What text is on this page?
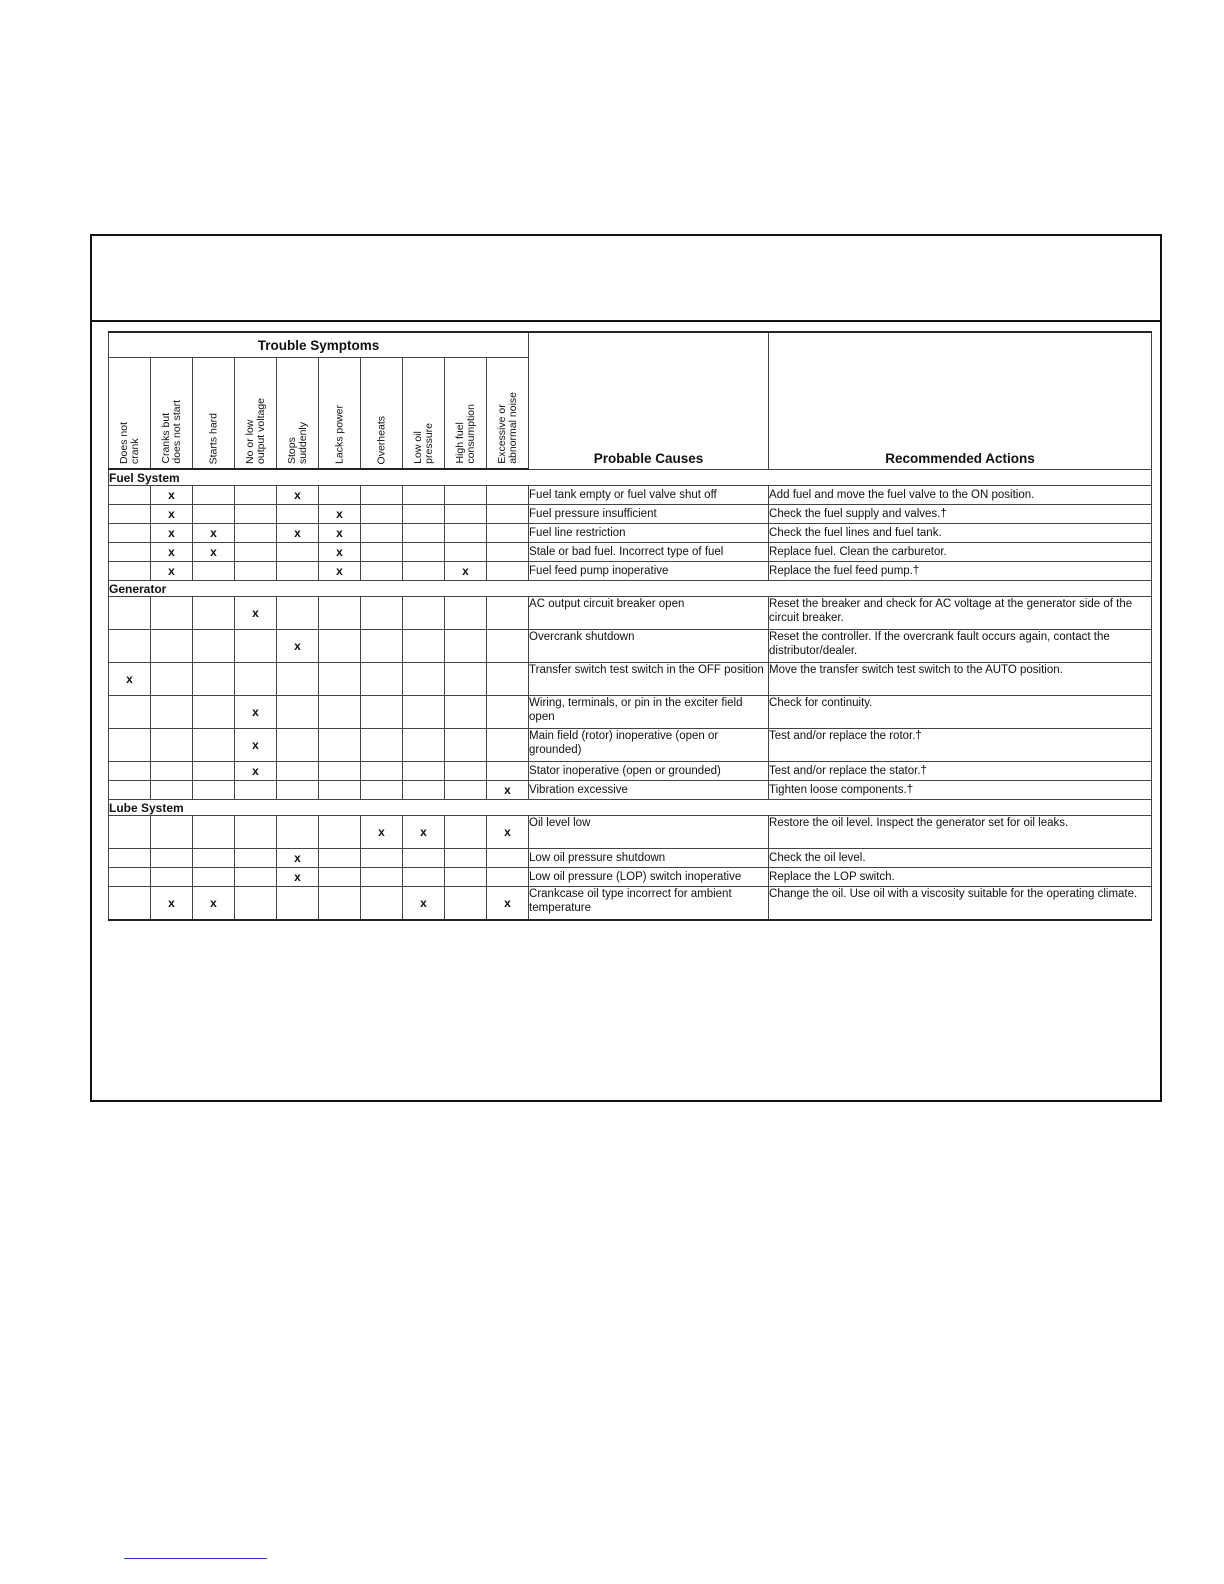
Trouble Symptoms										Probable Causes	Recommended Actions

Does not
crank	Cranks but
does not start	Starts hard	No or low
output voltage	Stops
suddenly	Lacks power	Overheats	Low oil
pressure	High fuel
consumption	Excessive or
abnormal noise		

Fuel System											
	x			x						Fuel tank empty or fuel valve shut off	Add fuel and move the fuel valve to the ON position.
	x				x					Fuel pressure insufficient	Check the fuel supply and valves.†
	x	x		x	x					Fuel line restriction	Check the fuel lines and fuel tank.
	x	x			x					Stale or bad fuel. Incorrect type of fuel	Replace fuel. Clean the carburetor.
	x				x			x		Fuel feed pump inoperative	Replace the fuel feed pump.†
Generator											
			x							AC output circuit breaker open	Reset the breaker and check for AC voltage at the generator side of the circuit breaker.
				x						Overcrank shutdown	Reset the controller. If the overcrank fault occurs again, contact the distributor/dealer.
x										Transfer switch test switch in the OFF position	Move the transfer switch test switch to the AUTO position.
			x							Wiring, terminals, or pin in the exciter field open	Check for continuity.
			x							Main field (rotor) inoperative (open or grounded)	Test and/or replace the rotor.†
			x							Stator inoperative (open or grounded)	Test and/or replace the stator.†
									x	Vibration excessive	Tighten loose components.†
Lube System											
						x	x		x	Oil level low	Restore the oil level. Inspect the generator set for oil leaks.
				x						Low oil pressure shutdown	Check the oil level.
				x						Low oil pressure (LOP) switch inoperative	Replace the LOP switch.
	x	x					x		x	Crankcase oil type incorrect for ambient temperature	Change the oil. Use oil with a viscosity suitable for the operating climate.
